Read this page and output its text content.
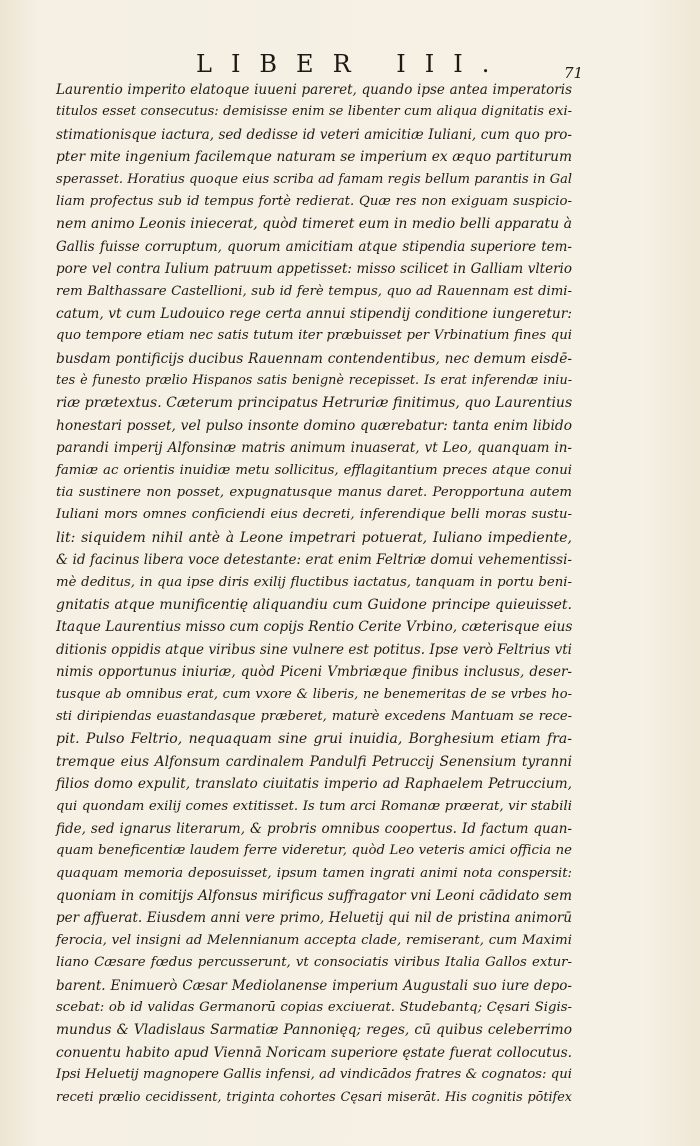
LIBER III.	71
Laurentio imperito elatoque iuueni pareret, quando ipse antea imperatoris
titulos esset consecutus: demisisse enim se libenter cum aliqua dignitatis exi-
stimationisque iactura, sed dedisse id veteri amicitiæ Iuliani, cum quo pro-
pter mite ingenium facilemque naturam se imperium ex æquo partiturum
sperasset. Horatius quoque eius scriba ad famam regis bellum parantis in Gal
liam profectus sub id tempus fortè redierat. Quæ res non exiguam suspicio-
nem animo Leonis iniecerat, quòd timeret eum in medio belli apparatu à
Gallis fuisse corruptum, quorum amicitiam atque stipendia superiore tem-
pore vel contra Iulium patruum appetisset: misso scilicet in Galliam vlterio
rem Balthassare Castellioni, sub id ferè tempus, quo ad Rauennam est dimi-
catum, vt cum Ludouico rege certa annui stipendij conditione iungeretur:
quo tempore etiam nec satis tutum iter præbuisset per Vrbinatium fines qui
busdam pontificijs ducibus Rauennam contendentibus, nec demum eisdē-
tes è funesto prælio Hispanos satis benignè recepisset. Is erat inferendæ iniu-
riæ prætextus. Cæterum principatus Hetruriæ finitimus, quo Laurentius
honestari posset, vel pulso insonte domino quærebatur: tanta enim libido
parandi imperij Alfonsinæ matris animum inuaserat, vt Leo, quanquam in-
famiæ ac orientis inuidiæ metu sollicitus, efflagitantium preces atque conui
tia sustinere non posset, expugnatusque manus daret. Peropportuna autem
Iuliani mors omnes conficiendi eius decreti, inferendique belli moras sustu-
lit: siquidem nihil antè à Leone impetrari potuerat, Iuliano impediente,
& id facinus libera voce detestante: erat enim Feltriæ domui vehementissi-
mè deditus, in qua ipse diris exilij fluctibus iactatus, tanquam in portu beni-
gnitatis atque munificentię aliquandiu cum Guidone principe quieuisset.
Itaque Laurentius misso cum copijs Rentio Cerite Vrbino, cæterisque eius
ditionis oppidis atque viribus sine vulnere est potitus. Ipse verò Feltrius vti
nimis opportunus iniuriæ, quòd Piceni Vmbriæque finibus inclusus, deser-
tusque ab omnibus erat, cum vxore & liberis, ne benemeritas de se vrbes ho-
sti diripiendas euastandasque præberet, maturè excedens Mantuam se rece-
pit. Pulso Feltrio, nequaquam sine grui inuidia, Borghesium etiam fra-
tremque eius Alfonsum cardinalem Pandulfi Petruccij Senensium tyranni
filios domo expulit, translato ciuitatis imperio ad Raphaelem Petruccium,
qui quondam exilij comes extitisset. Is tum arci Romanæ præerat, vir stabili
fide, sed ignarus literarum, & probris omnibus coopertus. Id factum quan-
quam beneficentiæ laudem ferre videretur, quòd Leo veteris amici officia ne
quaquam memoria deposuisset, ipsum tamen ingrati animi nota conspersit:
quoniam in comitijs Alfonsus mirificus suffragator vni Leoni cādidato sem
per affuerat. Eiusdem anni vere primo, Heluetij qui nil de pristina animorū
ferocia, vel insigni ad Melennianum accepta clade, remiserant, cum Maximi
liano Cæsare fœdus percusserunt, vt consociatis viribus Italia Gallos extur-
barent. Enimuerò Cæsar Mediolanense imperium Augustali suo iure depo-
scebat: ob id validas Germanorū copias exciuerat. Studebantq; Cęsari Sigis-
mundus & Vladislaus Sarmatiæ Pannonięq; reges, cū quibus celeberrimo
conuentu habito apud Viennā Noricam superiore ęstate fuerat collocutus.
Ipsi Heluetij magnopere Gallis infensi, ad vindicādos fratres & cognatos: qui
receti prælio cecidissent, triginta cohortes Cęsari miserāt. His cognitis pōtifex
